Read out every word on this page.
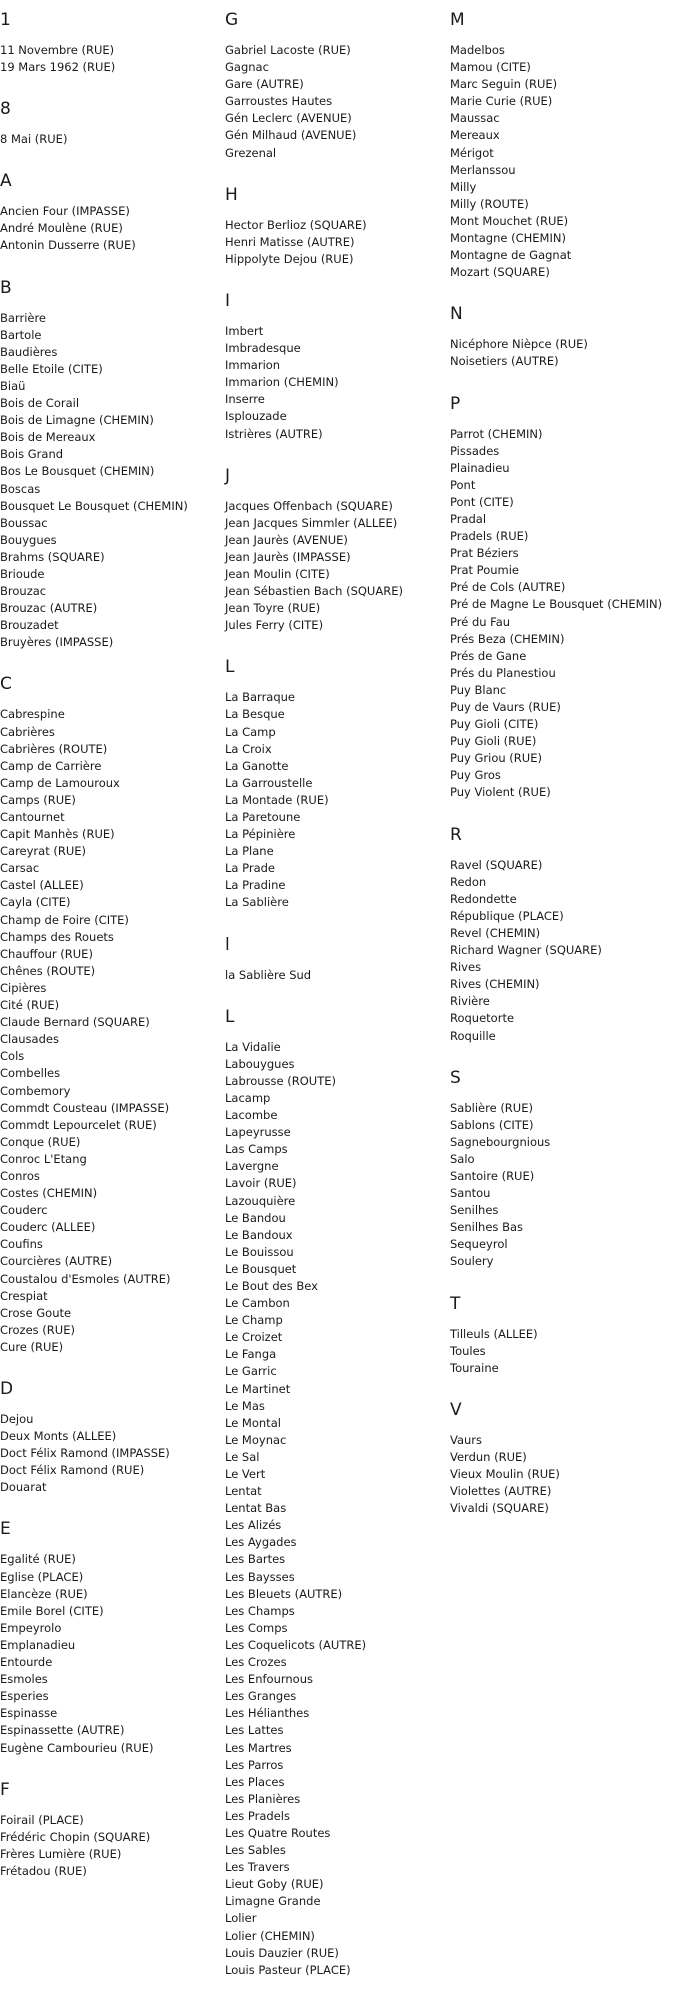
1
11 Novembre (RUE)
19 Mars 1962 (RUE)
8
8 Mai (RUE)
A
Ancien Four (IMPASSE)
André Moulène (RUE)
Antonin Dusserre (RUE)
B
Barrière
Bartole
Baudières
Belle Etoile (CITE)
Biaü
Bois de Corail
Bois de Limagne (CHEMIN)
Bois de Mereaux
Bois Grand
Bos Le Bousquet (CHEMIN)
Boscas
Bousquet Le Bousquet (CHEMIN)
Boussac
Bouygues
Brahms (SQUARE)
Brioude
Brouzac
Brouzac (AUTRE)
Brouzadet
Bruyères (IMPASSE)
C
Cabrespine
Cabrières
Cabrières (ROUTE)
Camp de Carrière
Camp de Lamouroux
Camps (RUE)
Cantournet
Capit Manhès (RUE)
Careyrat (RUE)
Carsac
Castel (ALLEE)
Cayla (CITE)
Champ de Foire (CITE)
Champs des Rouets
Chauffour (RUE)
Chênes (ROUTE)
Cipières
Cité (RUE)
Claude Bernard (SQUARE)
Clausades
Cols
Combelles
Combemory
Commdt Cousteau (IMPASSE)
Commdt Lepourcelet (RUE)
Conque (RUE)
Conroc L'Etang
Conros
Costes (CHEMIN)
Couderc
Couderc (ALLEE)
Coufins
Courcières (AUTRE)
Coustalou d'Esmoles (AUTRE)
Crespiat
Crose Goute
Crozes (RUE)
Cure (RUE)
D
Dejou
Deux Monts (ALLEE)
Doct Félix Ramond (IMPASSE)
Doct Félix Ramond (RUE)
Douarat
E
Egalité (RUE)
Eglise (PLACE)
Elancèze (RUE)
Emile Borel (CITE)
Empeyrolo
Emplanadieu
Entourde
Esmoles
Esperies
Espinasse
Espinassette (AUTRE)
Eugène Cambourieu (RUE)
F
Foirail (PLACE)
Frédéric Chopin (SQUARE)
Frères Lumière (RUE)
Frétadou (RUE)
G
Gabriel Lacoste (RUE)
Gagnac
Gare (AUTRE)
Garroustes Hautes
Gén Leclerc (AVENUE)
Gén Milhaud (AVENUE)
Grezenal
H
Hector Berlioz (SQUARE)
Henri Matisse (AUTRE)
Hippolyte Dejou (RUE)
I
Imbert
Imbradesque
Immarion
Immarion (CHEMIN)
Inserre
Isplouzade
Istrières (AUTRE)
J
Jacques Offenbach (SQUARE)
Jean Jacques Simmler (ALLEE)
Jean Jaurès (AVENUE)
Jean Jaurès (IMPASSE)
Jean Moulin (CITE)
Jean Sébastien Bach (SQUARE)
Jean Toyre (RUE)
Jules Ferry (CITE)
L
La Barraque
La Besque
La Camp
La Croix
La Ganotte
La Garroustelle
La Montade (RUE)
La Paretoune
La Pépinière
La Plane
La Prade
La Pradine
La Sablière
l
la Sablière Sud
L
La Vidalie
Labouygues
Labrousse (ROUTE)
Lacamp
Lacombe
Lapeyrusse
Las Camps
Lavergne
Lavoir (RUE)
Lazouquière
Le Bandou
Le Bandoux
Le Bouissou
Le Bousquet
Le Bout des Bex
Le Cambon
Le Champ
Le Croizet
Le Fanga
Le Garric
Le Martinet
Le Mas
Le Montal
Le Moynac
Le Sal
Le Vert
Lentat
Lentat Bas
Les Alizés
Les Aygades
Les Bartes
Les Baysses
Les Bleuets (AUTRE)
Les Champs
Les Comps
Les Coquelicots (AUTRE)
Les Crozes
Les Enfournous
Les Granges
Les Hélianthes
Les Lattes
Les Martres
Les Parros
Les Places
Les Planières
Les Pradels
Les Quatre Routes
Les Sables
Les Travers
Lieut Goby (RUE)
Limagne Grande
Lolier
Lolier (CHEMIN)
Louis Dauzier (RUE)
Louis Pasteur (PLACE)
M
Madelbos
Mamou (CITE)
Marc Seguin (RUE)
Marie Curie (RUE)
Maussac
Mereaux
Mérigot
Merlanssou
Milly
Milly (ROUTE)
Mont Mouchet (RUE)
Montagne (CHEMIN)
Montagne de Gagnat
Mozart (SQUARE)
N
Nicéphore Nièpce (RUE)
Noisetiers (AUTRE)
P
Parrot (CHEMIN)
Pissades
Plainadieu
Pont
Pont (CITE)
Pradal
Pradels (RUE)
Prat Béziers
Prat Poumie
Pré de Cols (AUTRE)
Pré de Magne Le Bousquet (CHEMIN)
Pré du Fau
Prés Beza (CHEMIN)
Prés de Gane
Prés du Planestiou
Puy Blanc
Puy de Vaurs (RUE)
Puy Gioli (CITE)
Puy Gioli (RUE)
Puy Griou (RUE)
Puy Gros
Puy Violent (RUE)
R
Ravel (SQUARE)
Redon
Redondette
République (PLACE)
Revel (CHEMIN)
Richard Wagner (SQUARE)
Rives
Rives (CHEMIN)
Rivière
Roquetorte
Roquille
S
Sablière (RUE)
Sablons (CITE)
Sagnebourgnious
Salo
Santoire (RUE)
Santou
Senilhes
Senilhes Bas
Sequeyrol
Soulery
T
Tilleuls (ALLEE)
Toules
Touraine
V
Vaurs
Verdun (RUE)
Vieux Moulin (RUE)
Violettes (AUTRE)
Vivaldi (SQUARE)
